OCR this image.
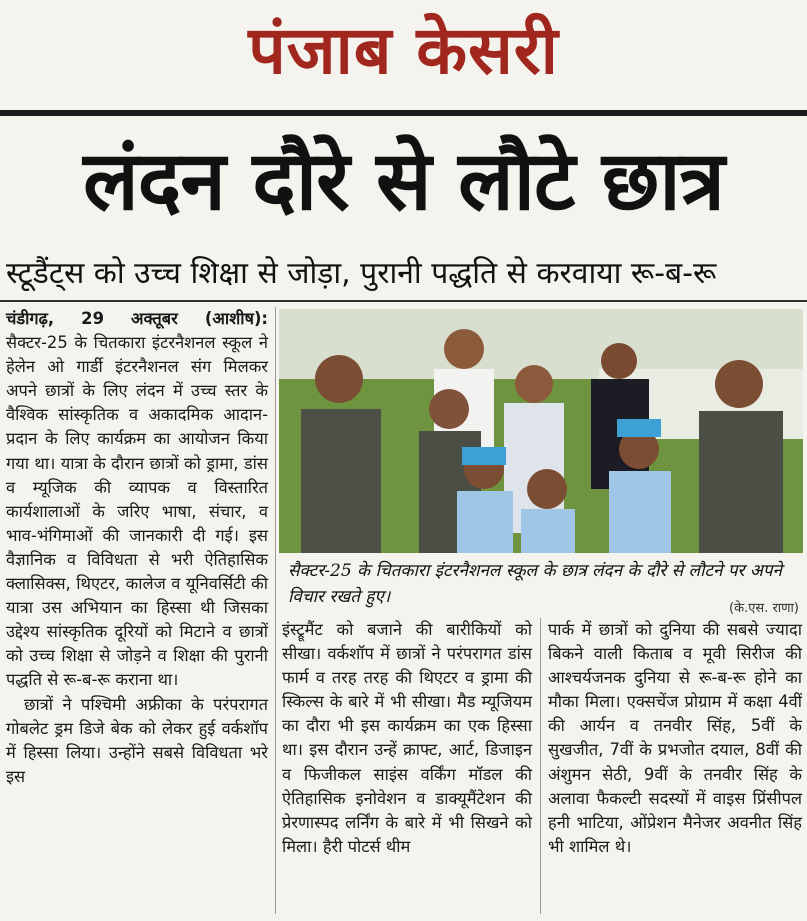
पंजाब केसरी
लंदन दौरे से लौटे छात्र
स्टूडैंट्स को उच्च शिक्षा से जोड़ा, पुरानी पद्धति से करवाया रू-ब-रू

चंडीगढ़, 29 अक्तूबर (आशीष): सैक्टर-25 के चितकारा इंटरनैशनल स्कूल ने हेलेन ओ गार्डी इंटरनैशनल संग मिलकर अपने छात्रों के लिए लंदन में उच्च स्तर के वैश्विक सांस्कृतिक व अकादमिक आदान-प्रदान के लिए कार्यक्रम का आयोजन किया गया था। यात्रा के दौरान छात्रों को ड्रामा, डांस व म्यूजिक की व्यापक व विस्तारित कार्यशालाओं के जरिए भाषा, संचार, व भाव-भंगिमाओं की जानकारी दी गई। इस वैज्ञानिक व विविधता से भरी ऐतिहासिक क्लासिक्स, थिएटर, कालेज व यूनिवर्सिटी की यात्रा उस अभियान का हिस्सा थी जिसका उद्देश्य सांस्कृतिक दूरियों को मिटाने व छात्रों को उच्च शिक्षा से जोड़ने व शिक्षा की पुरानी पद्धति से रू-ब-रू कराना था।

छात्रों ने पश्चिमी अफ्रीका के परंपरागत गोबलेट ड्रम डिजे बेक को लेकर हुई वर्कशॉप में हिस्सा लिया। उन्होंने सबसे विविधता भरे इस

सैक्टर-25 के चितकारा इंटरनैशनल स्कूल के छात्र लंदन के दौरे से लौटने पर अपने विचार रखते हुए।
(के.एस. राणा)

इंस्ट्रूमैंट को बजाने की बारीकियों को सीखा। वर्कशॉप में छात्रों ने परंपरागत डांस फार्म व तरह तरह की थिएटर व ड्रामा की स्किल्स के बारे में भी सीखा। मैड म्यूजियम का दौरा भी इस कार्यक्रम का एक हिस्सा था। इस दौरान उन्हें क्राफ्ट, आर्ट, डिजाइन व फिजीकल साइंस वर्किंग मॉडल की ऐतिहासिक इनोवेशन व डाक्यूमैंटेशन की प्रेरणास्पद लर्निंग के बारे में भी सिखने को मिला। हैरी पोटर्स थीम

पार्क में छात्रों को दुनिया की सबसे ज्यादा बिकने वाली किताब व मूवी सिरीज की आश्चर्यजनक दुनिया से रू-ब-रू होने का मौका मिला। एक्सचेंज प्रोग्राम में कक्षा 4वीं की आर्यन व तनवीर सिंह, 5वीं के सुखजीत, 7वीं के प्रभजोत दयाल, 8वीं की अंशुमन सेठी, 9वीं के तनवीर सिंह के अलावा फैकल्टी सदस्यों में वाइस प्रिंसीपल हनी भाटिया, ओंप्रेशन मैनेजर अवनीत सिंह भी शामिल थे।
